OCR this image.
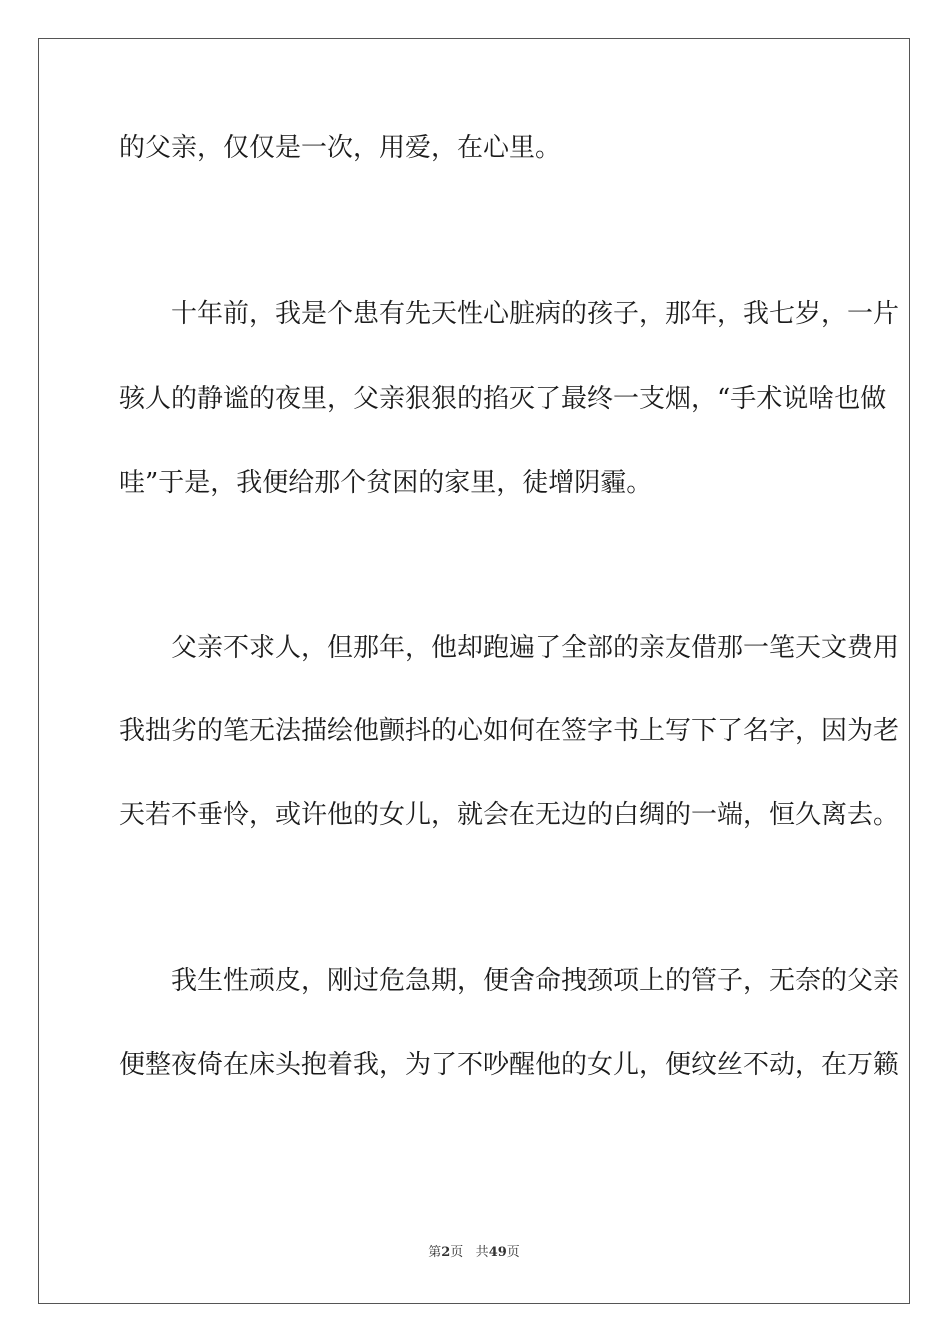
的父亲，仅仅是一次，用爱，在心里。
十年前，我是个患有先天性心脏病的孩子，那年，我七岁，一片
骇人的静谧的夜里，父亲狠狠的掐灭了最终一支烟，“手术说啥也做
哇”于是，我便给那个贫困的家里，徒增阴霾。
父亲不求人，但那年，他却跑遍了全部的亲友借那一笔天文费用
我拙劣的笔无法描绘他颤抖的心如何在签字书上写下了名字，因为老
天若不垂怜，或许他的女儿，就会在无边的白绸的一端，恒久离去。
我生性顽皮，刚过危急期，便舍命拽颈项上的管子，无奈的父亲
便整夜倚在床头抱着我，为了不吵醒他的女儿，便纹丝不动，在万籁
第2页 共49页
